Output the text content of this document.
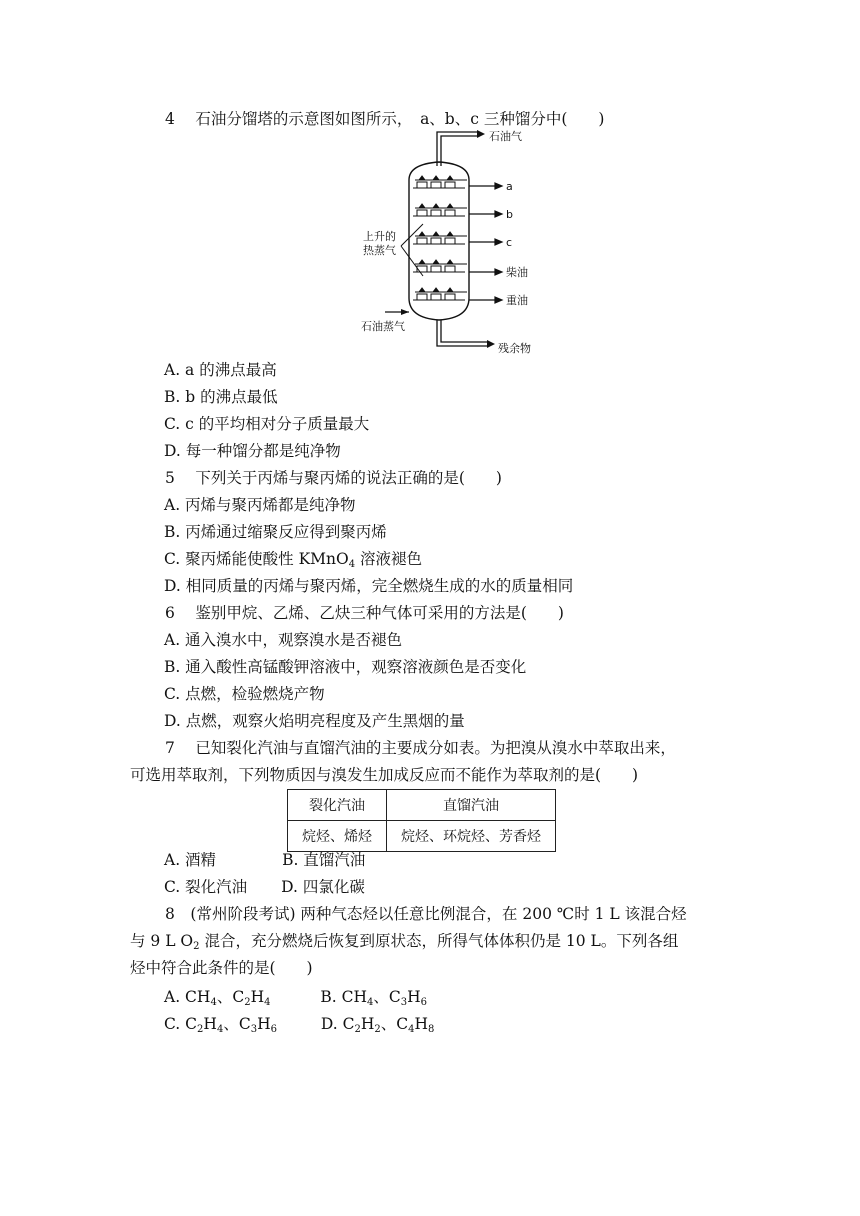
4　 石油分馏塔的示意图如图所示，　a、b、c 三种馏分中(　　)
石油气
残余物
a
b
c
柴油
重油
上升的
热蒸气
石油蒸气
A. a 的沸点最高
B. b 的沸点最低
C. c 的平均相对分子质量最大
D. 每一种馏分都是纯净物
5　 下列关于丙烯与聚丙烯的说法正确的是(　　)
A. 丙烯与聚丙烯都是纯净物
B. 丙烯通过缩聚反应得到聚丙烯
C. 聚丙烯能使酸性 KMnO$_4$ 溶液褪色
D. 相同质量的丙烯与聚丙烯，完全燃烧生成的水的质量相同
6　 鉴别甲烷、乙烯、乙炔三种气体可采用的方法是(　　)
A. 通入溴水中，观察溴水是否褪色
B. 通入酸性高锰酸钾溶液中，观察溶液颜色是否变化
C. 点燃，检验燃烧产物
D. 点燃，观察火焰明亮程度及产生黑烟的量
7　 已知裂化汽油与直馏汽油的主要成分如表。为把溴从溴水中萃取出来，
可选用萃取剂，下列物质因与溴发生加成反应而不能作为萃取剂的是(　　)
裂化汽油	直馏汽油
烷烃、烯烃	烷烃、环烷烃、芳香烃
A. 酒精	B. 直馏汽油
C. 裂化汽油 D. 四氯化碳
8　 (常州阶段考试) 两种气态烃以任意比例混合，在 200 ℃时 1 L 该混合烃
与 9 L $O_2$ 混合，充分燃烧后恢复到原状态，所得气体体积仍是 10 L。下列各组
烃中符合此条件的是(　　)
A. $CH_4$、$C_2H_4$	B. $CH_4$、$C_3H_6$
C. $C_2H_4$、$C_3H_6$	D. $C_2H_2$、$C_4H_8$
